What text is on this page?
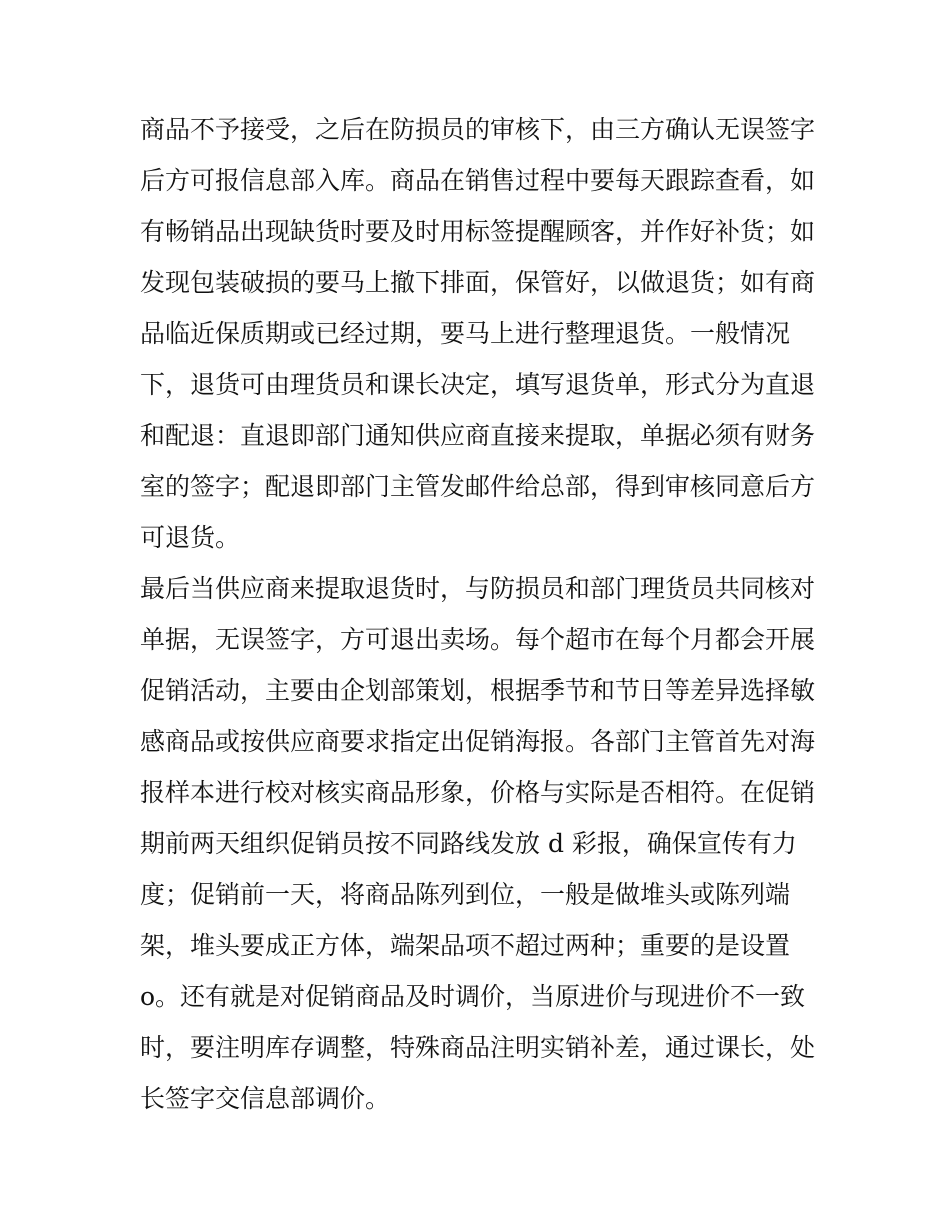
商品不予接受，之后在防损员的审核下，由三方确认无误签字
后方可报信息部入库。商品在销售过程中要每天跟踪查看，如
有畅销品出现缺货时要及时用标签提醒顾客，并作好补货；如
发现包装破损的要马上撤下排面，保管好，以做退货；如有商
品临近保质期或已经过期，要马上进行整理退货。一般情况
下，退货可由理货员和课长决定，填写退货单，形式分为直退
和配退：直退即部门通知供应商直接来提取，单据必须有财务
室的签字；配退即部门主管发邮件给总部，得到审核同意后方
可退货。
最后当供应商来提取退货时，与防损员和部门理货员共同核对
单据，无误签字，方可退出卖场。每个超市在每个月都会开展
促销活动，主要由企划部策划，根据季节和节日等差异选择敏
感商品或按供应商要求指定出促销海报。各部门主管首先对海
报样本进行校对核实商品形象，价格与实际是否相符。在促销
期前两天组织促销员按不同路线发放 d 彩报，确保宣传有力
度；促销前一天，将商品陈列到位，一般是做堆头或陈列端
架，堆头要成正方体，端架品项不超过两种；重要的是设置
o。还有就是对促销商品及时调价，当原进价与现进价不一致
时，要注明库存调整，特殊商品注明实销补差，通过课长，处
长签字交信息部调价。
